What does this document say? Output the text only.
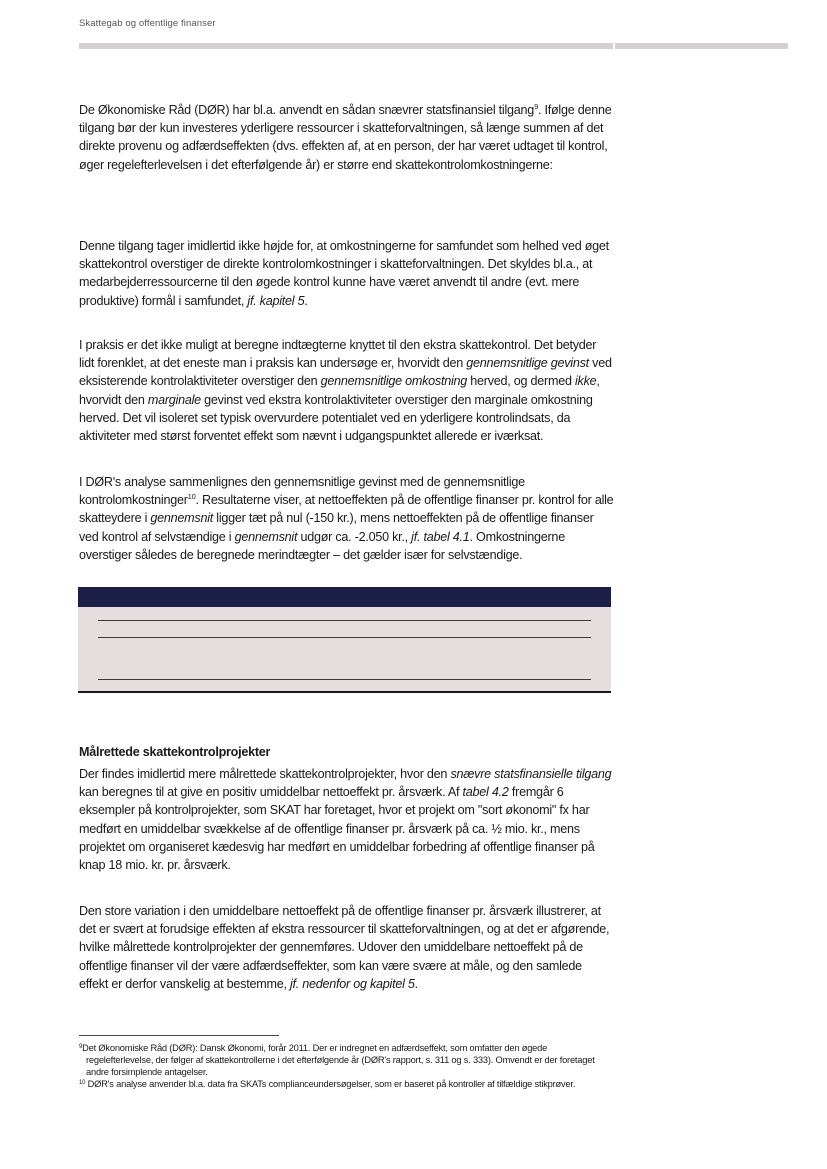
Skattegab og offentlige finanser

De Økonomiske Råd (DØR) har bl.a. anvendt en sådan snævrer statsfinansiel tilgang$^9$. Ifølge denne tilgang bør der kun investeres yderligere ressourcer i skatteforvaltningen, så længe summen af det direkte provenu og adfærdseffekten (dvs. effekten af, at en person, der har været udtaget til kontrol, øger regelefterlevelsen i det efterfølgende år) er større end skattekontrolomkostningerne:

Denne tilgang tager imidlertid ikke højde for, at omkostningerne for samfundet som helhed ved øget skattekontrol overstiger de direkte kontrolomkostninger i skatteforvaltningen. Det skyldes bl.a., at medarbejderressourcerne til den øgede kontrol kunne have været anvendt til andre (evt. mere produktive) formål i samfundet, jf. kapitel 5.

I praksis er det ikke muligt at beregne indtægterne knyttet til den ekstra skattekontrol. Det betyder lidt forenklet, at det eneste man i praksis kan undersøge er, hvorvidt den gennemsnitlige gevinst ved eksisterende kontrolaktiviteter overstiger den gennemsnitlige omkostning herved, og dermed ikke, hvorvidt den marginale gevinst ved ekstra kontrolaktiviteter overstiger den marginale omkostning herved. Det vil isoleret set typisk overvurdere potentialet ved en yderligere kontrolindsats, da aktiviteter med størst forventet effekt som nævnt i udgangspunktet allerede er iværksat.

I DØR's analyse sammenlignes den gennemsnitlige gevinst med de gennemsnitlige kontrolomkostninger$^{10}$. Resultaterne viser, at nettoeffekten på de offentlige finanser pr. kontrol for alle skatteydere i gennemsnit ligger tæt på nul (-150 kr.), mens nettoeffekten på de offentlige finanser ved kontrol af selvstændige i gennemsnit udgør ca. -2.050 kr., jf. tabel 4.1. Omkostningerne overstiger således de beregnede merindtægter – det gælder især for selvstændige.

Målrettede skattekontrolprojekter

Der findes imidlertid mere målrettede skattekontrolprojekter, hvor den snævre statsfinansielle tilgang kan beregnes til at give en positiv umiddelbar nettoeffekt pr. årsværk. Af tabel 4.2 fremgår 6 eksempler på kontrolprojekter, som SKAT har foretaget, hvor et projekt om "sort økonomi" fx har medført en umiddelbar svækkelse af de offentlige finanser pr. årsværk på ca. ½ mio. kr., mens projektet om organiseret kædesvig har medført en umiddelbar forbedring af offentlige finanser på knap 18 mio. kr. pr. årsværk.

Den store variation i den umiddelbare nettoeffekt på de offentlige finanser pr. årsværk illustrerer, at det er svært at forudsige effekten af ekstra ressourcer til skatteforvaltningen, og at det er afgørende, hvilke målrettede kontrolprojekter der gennemføres. Udover den umiddelbare nettoeffekt på de offentlige finanser vil der være adfærdseffekter, som kan være svære at måle, og den samlede effekt er derfor vanskelig at bestemme, jf. nedenfor og kapitel 5.

$^9$Det Økonomiske Råd (DØR): Dansk Økonomi, forår 2011. Der er indregnet en adfærdseffekt, som omfatter den øgede regelefterlevelse, der følger af skattekontrollerne i det efterfølgende år (DØR's rapport, s. 311 og s. 333). Omvendt er der foretaget andre forsimplende antagelser.

$^{10}$ DØR's analyse anvender bl.a. data fra SKATs complianceundersøgelser, som er baseret på kontroller af tilfældige stikprøver.
